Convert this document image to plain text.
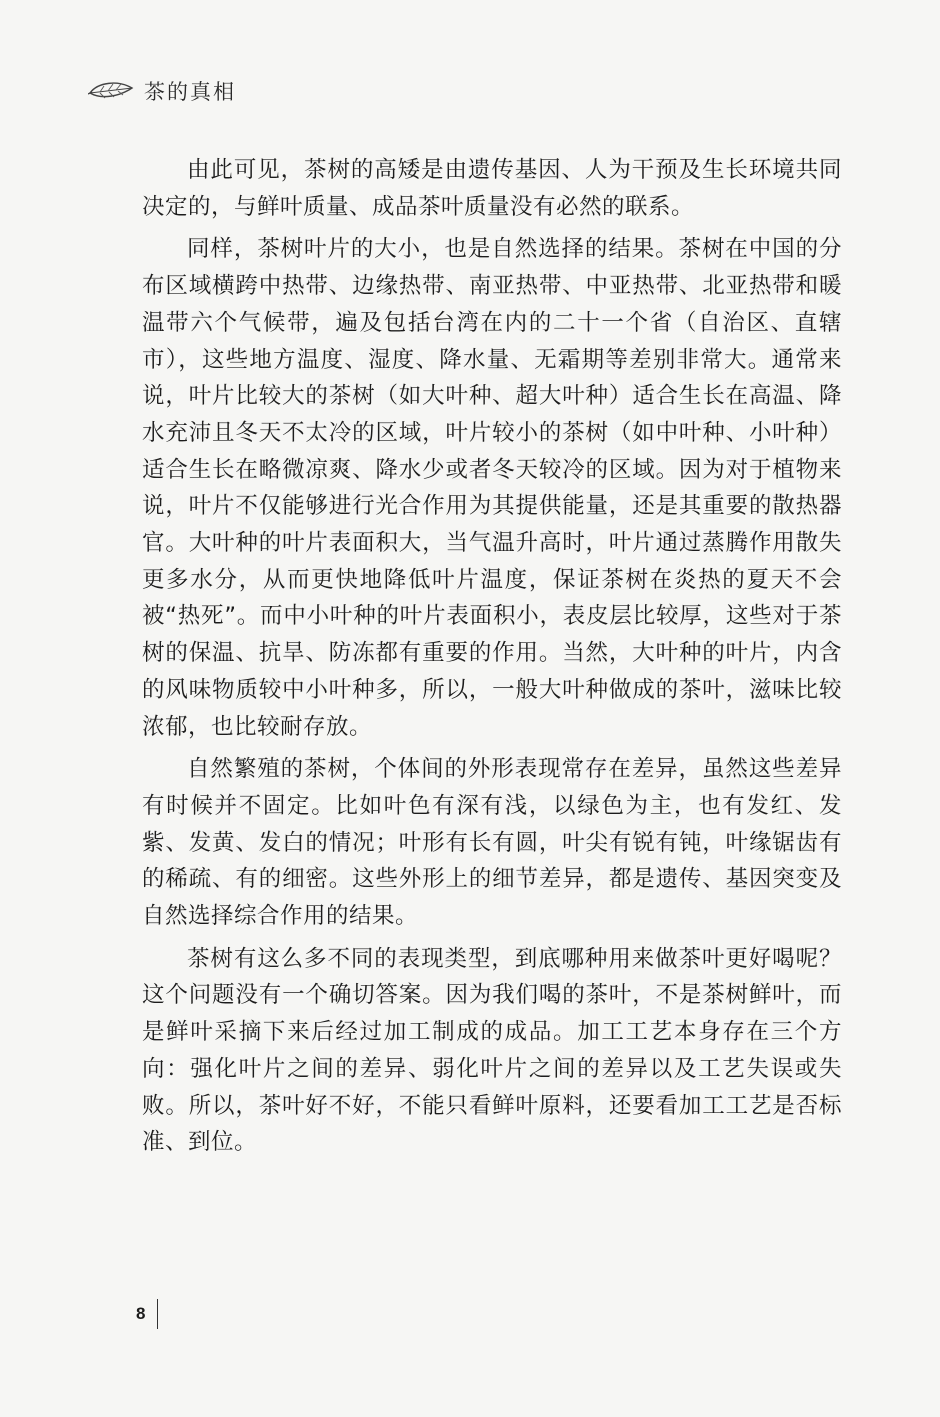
茶的真相

由此可见，茶树的高矮是由遗传基因、人为干预及生长环境共同决定的，与鲜叶质量、成品茶叶质量没有必然的联系。

同样，茶树叶片的大小，也是自然选择的结果。茶树在中国的分布区域横跨中热带、边缘热带、南亚热带、中亚热带、北亚热带和暖温带六个气候带，遍及包括台湾在内的二十一个省（自治区、直辖市），这些地方温度、湿度、降水量、无霜期等差别非常大。通常来说，叶片比较大的茶树（如大叶种、超大叶种）适合生长在高温、降水充沛且冬天不太冷的区域，叶片较小的茶树（如中叶种、小叶种）适合生长在略微凉爽、降水少或者冬天较冷的区域。因为对于植物来说，叶片不仅能够进行光合作用为其提供能量，还是其重要的散热器官。大叶种的叶片表面积大，当气温升高时，叶片通过蒸腾作用散失更多水分，从而更快地降低叶片温度，保证茶树在炎热的夏天不会被“热死”。而中小叶种的叶片表面积小，表皮层比较厚，这些对于茶树的保温、抗旱、防冻都有重要的作用。当然，大叶种的叶片，内含的风味物质较中小叶种多，所以，一般大叶种做成的茶叶，滋味比较浓郁，也比较耐存放。

自然繁殖的茶树，个体间的外形表现常存在差异，虽然这些差异有时候并不固定。比如叶色有深有浅，以绿色为主，也有发红、发紫、发黄、发白的情况；叶形有长有圆，叶尖有锐有钝，叶缘锯齿有的稀疏、有的细密。这些外形上的细节差异，都是遗传、基因突变及自然选择综合作用的结果。

茶树有这么多不同的表现类型，到底哪种用来做茶叶更好喝呢？这个问题没有一个确切答案。因为我们喝的茶叶，不是茶树鲜叶，而是鲜叶采摘下来后经过加工制成的成品。加工工艺本身存在三个方向：强化叶片之间的差异、弱化叶片之间的差异以及工艺失误或失败。所以，茶叶好不好，不能只看鲜叶原料，还要看加工工艺是否标准、到位。

8
